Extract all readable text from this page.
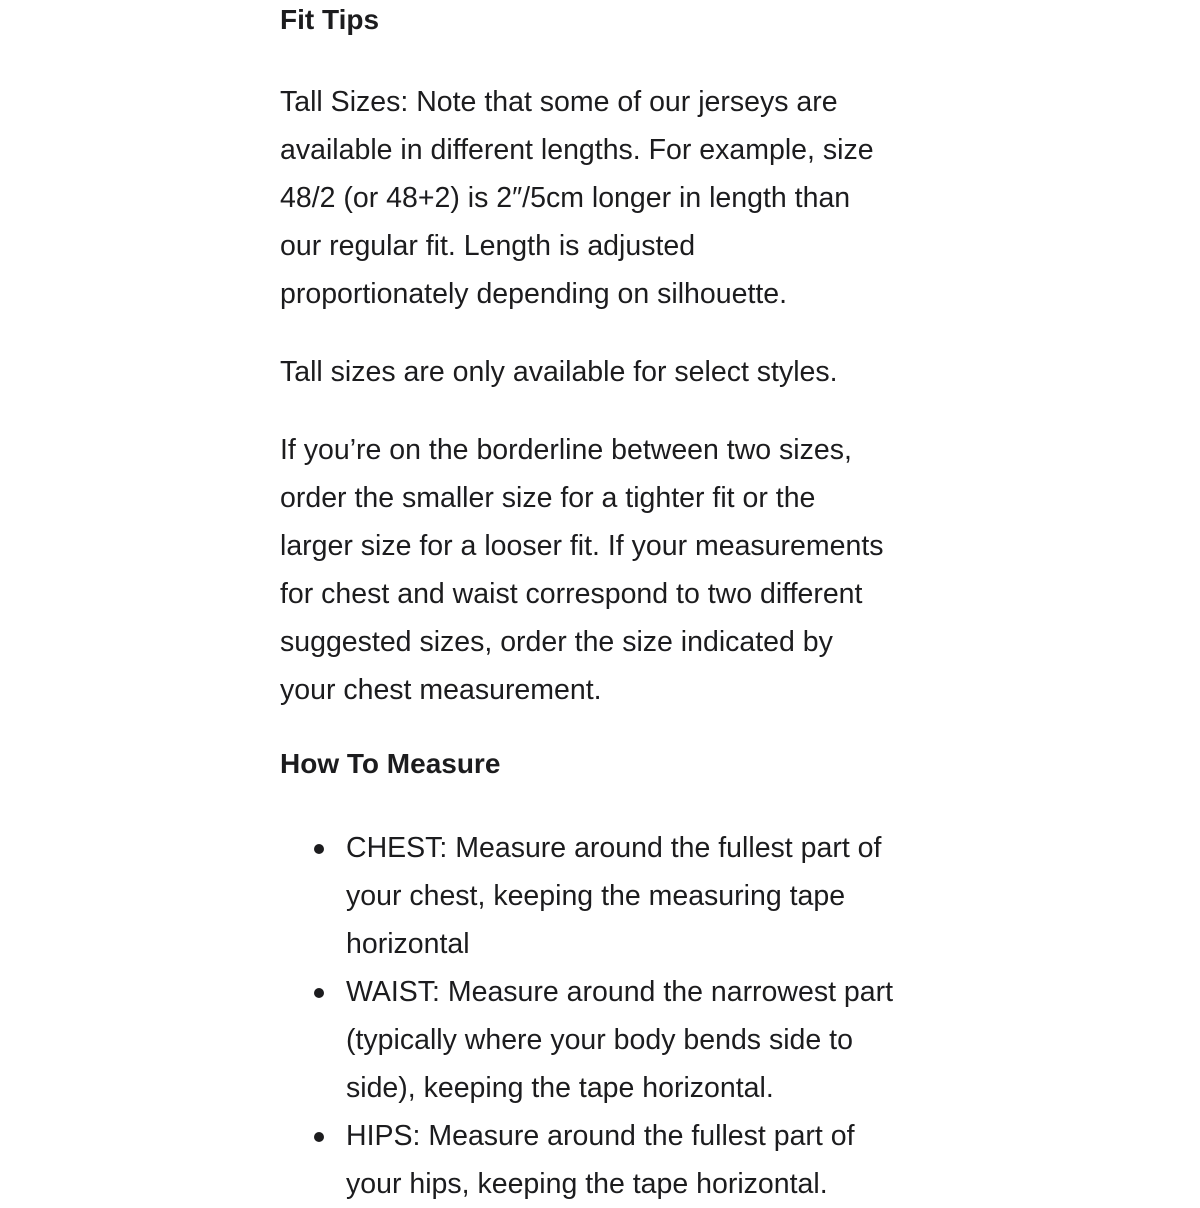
Fit Tips

Tall Sizes: Note that some of our jerseys are
available in different lengths. For example, size
48/2 (or 48+2) is 2″/5cm longer in length than
our regular fit. Length is adjusted
proportionately depending on silhouette.

Tall sizes are only available for select styles.

If you’re on the borderline between two sizes,
order the smaller size for a tighter fit or the
larger size for a looser fit. If your measurements
for chest and waist correspond to two different
suggested sizes, order the size indicated by
your chest measurement.

How To Measure
CHEST: Measure around the fullest part of
your chest, keeping the measuring tape
horizontal
WAIST: Measure around the narrowest part
(typically where your body bends side to
side), keeping the tape horizontal.
HIPS: Measure around the fullest part of
your hips, keeping the tape horizontal.
